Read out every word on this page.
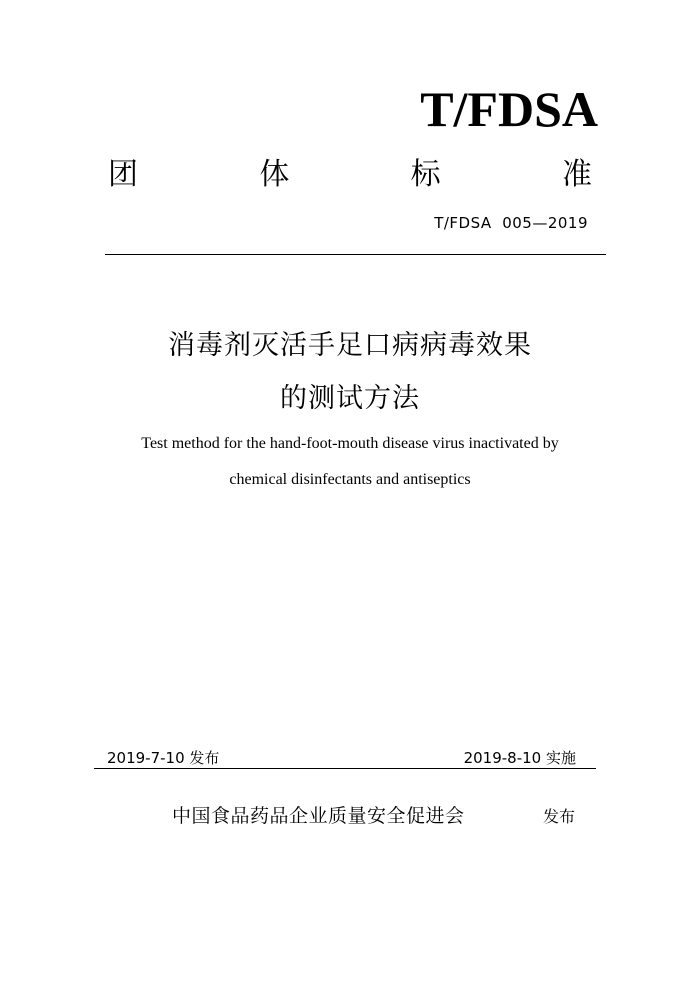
T/FDSA
团	体	标	准
T/FDSA  005—2019
消毒剂灭活手足口病病毒效果
的测试方法
Test method for the hand-foot-mouth disease virus inactivated by
chemical disinfectants and antiseptics
2019-7-10 发布	2019-8-10 实施
中国食品药品企业质量安全促进会	发布
